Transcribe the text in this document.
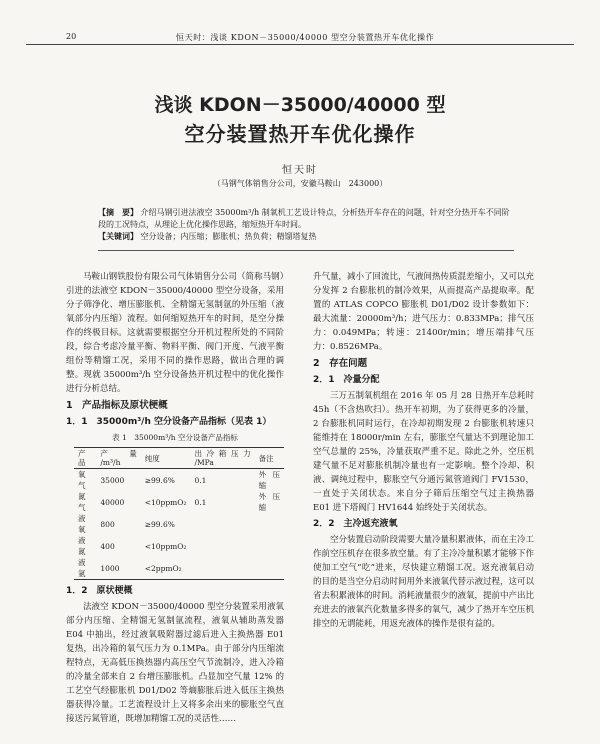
20	恒天时：浅谈 KDON－35000/40000 型空分装置热开车优化操作
浅谈 KDON－35000/40000 型
空分装置热开车优化操作
恒天时
（马钢气体销售分公司，安徽马鞍山　243000）
【摘　要】 介绍马钢引进法液空 35000m³/h 制氧机工艺设计特点，分析热开车存在的问题，针对空分热开车不同阶段的工况特点，从理论上优化操作思路，缩短热开车时间。
【关键词】 空分设备；内压缩；膨胀机；热负荷；精馏塔复热

马鞍山钢铁股份有限公司气体销售分公司（简称马钢）引进的法液空 KDON－35000/40000 型空分设备，采用分子筛净化、增压膨胀机、全精馏无氢制氩的外压缩（液氧部分内压缩）流程。如何缩短热开车的时间，是空分操作的终极目标。这就需要根据空分开机过程所处的不同阶段，综合考虑冷量平衡、物料平衡、阀门开度、气液平衡组份等精馏工况，采用不同的操作思路，做出合理的调整。现就 35000m³/h 空分设备热开机过程中的优化操作进行分析总结。

1　产品指标及原状梗概
1．1　35000m³/h 空分设备产品指标（见表 1）
表 1　35000m³/h 空分设备产品指标
产品	产量 /m³/h	纯度	出冷箱压力 /MPa	备注
氧气	35000	≥99.6%	0.1	外压缩
氮气	40000	<10ppmO₂	0.1	外压缩
液氧	800	≥99.6%		
液氮	400	<10ppmO₂		
液氩	1000	<2ppmO₂		
1．2　原状梗概

法液空 KDON－35000/40000 型空分装置采用液氧部分内压缩、全精馏无氢制氩流程，液氧从辅助蒸发器 E04 中抽出，经过液氧吸附器过滤后进入主换热器 E01 复热，出冷箱的氧气压力为 0.1MPa。由于部分内压缩流程特点，无高低压换热器内高压空气节流制冷，进入冷箱的冷量全部来自 2 台增压膨胀机。凸显加空气量 12% 的工艺空气经膨胀机 D01/D02 等熵膨胀后进入低压主换热器获得冷量。工艺流程设计上又将多余出来的膨胀空气直接送污氮管道，既增加精馏工况的灵活性……

升气量，减小了回流比，气液间热传质混差缩小，又可以充分发挥 2 台膨胀机的制冷效果，从而提高产品提取率。配置的 ATLAS COPCO 膨胀机 D01/D02 设计参数如下：最大流量：20000m³/h；进气压力：0.833MPa；排气压力：0.049MPa；转速：21400r/min；增压端排气压力：0.8526MPa。

2　存在问题
2．1　冷量分配

三万五制氧机组在 2016 年 05 月 28 日热开车总耗时 45h（不含热吹扫）。热开车初期，为了获得更多的冷量，2 台膨胀机同时运行，在冷却初期发现 2 台膨胀机转速只能维持在 18000r/min 左右，膨胀空气量达不到理论加工空气总量的 25%，冷量获取严重不足。除此之外，空压机建气量不足对膨胀机制冷量也有一定影响。整个冷却、积液、调纯过程中，膨胀空气分通污氮管道阀门 FV1530，一直处于关闭状态。来自分子筛后压缩空气过主换热器 E01 进下塔阀门 HV1644 始终处于关闭状态。

2．2　主冷返充液氧

空分装置启动阶段需要大量冷量积累液体，而在主冷工作前空压机存在很多放空量。有了主冷冷量积累才能够下作使加工空气“吃”进来，尽快建立精馏工况。返充液氧启动的目的是当空分启动时间用外来液氧代替示液过程，这可以省去积累液体的时间。消耗液量很少的液氧，提前中产出比充进去的液氧汽化数量多得多的氧气，减少了热开车空压机排空的无谓能耗，用返充液体的操作是很有益的。
